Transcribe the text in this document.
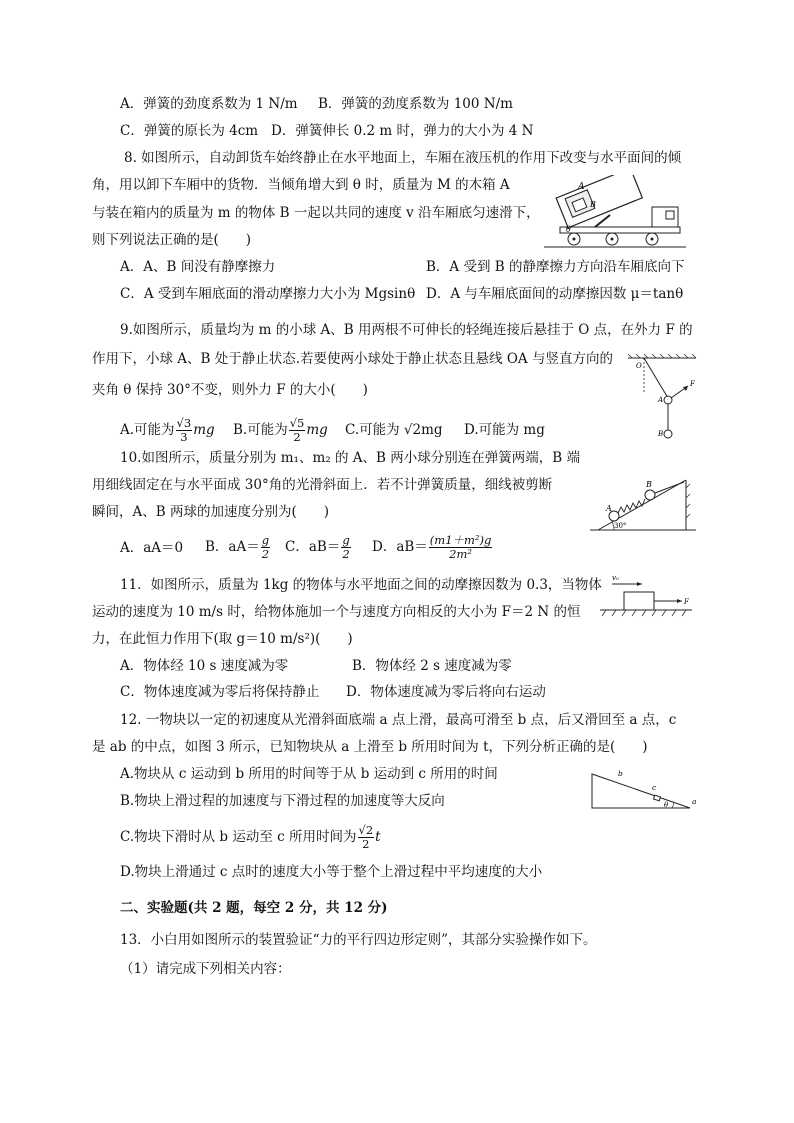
A．弹簧的劲度系数为 1 N/m B．弹簧的劲度系数为 100 N/m
C．弹簧的原长为 4cm D．弹簧伸长 0.2 m 时，弹力的大小为 4 N
8. 如图所示，自动卸货车始终静止在水平地面上，车厢在液压机的作用下改变与水平面间的倾
角，用以卸下车厢中的货物．当倾角增大到 θ 时，质量为 M 的木箱 A
与装在箱内的质量为 m 的物体 B 一起以共同的速度 v 沿车厢底匀速滑下，
则下列说法正确的是(　　)
A．A、B 间没有静摩擦力	B．A 受到 B 的静摩擦力方向沿车厢底向下
C．A 受到车厢底面的滑动摩擦力大小为 Mgsinθ D．A 与车厢底面间的动摩擦因数 μ＝tanθ
A
B
θ
9.如图所示，质量均为 m 的小球 A、B 用两根不可伸长的轻绳连接后悬挂于 O 点，在外力 F 的
作用下，小球 A、B 处于静止状态.若要使两小球处于静止状态且悬线 OA 与竖直方向的
夹角 θ 保持 30°不变，则外力 F 的大小(　　)
A.可能为 $\frac{√3}{3}$ mg B.可能为 $\frac{√5}{2}$ mg C.可能为 √2mg D.可能为 mg
O
A
B
F
10.如图所示，质量分别为 m₁、m₂ 的 A、B 两小球分别连在弹簧两端，B 端
用细线固定在与水平面成 30°角的光滑斜面上．若不计弹簧质量，细线被剪断
瞬间，A、B 两球的加速度分别为(　　)
A．aA＝0 B．$aA= \frac{g}{2}$ C．$aB= \frac{g}{2}$ D．$aB= \frac{\text{(m1＋m²)g}}{\text{2m²}}$
A
B
30°
11．如图所示，质量为 1kg 的物体与水平地面之间的动摩擦因数为 0.3，当物体
运动的速度为 10 m/s 时，给物体施加一个与速度方向相反的大小为 F＝2 N 的恒
力，在此恒力作用下(取 g＝10 m/s²)(　　)
A．物体经 10 s 速度减为零	B．物体经 2 s 速度减为零
C．物体速度减为零后将保持静止 D．物体速度减为零后将向右运动
v₀
F
12. 一物块以一定的初速度从光滑斜面底端 a 点上滑，最高可滑至 b 点，后又滑回至 a 点，c
是 ab 的中点，如图 3 所示，已知物块从 a 上滑至 b 所用时间为 t，下列分析正确的是(　　)
A.物块从 c 运动到 b 所用的时间等于从 b 运动到 c 所用的时间
B.物块上滑过程的加速度与下滑过程的加速度等大反向
C.物块下滑时从 b 运动至 c 所用时间为 $\frac{√2}{2}$ t
D.物块上滑通过 c 点时的速度大小等于整个上滑过程中平均速度的大小
b
c
θ	a
二、实验题(共 2 题，每空 2 分，共 12 分)
13．小白用如图所示的装置验证“力的平行四边形定则”，其部分实验操作如下。
（1）请完成下列相关内容：
